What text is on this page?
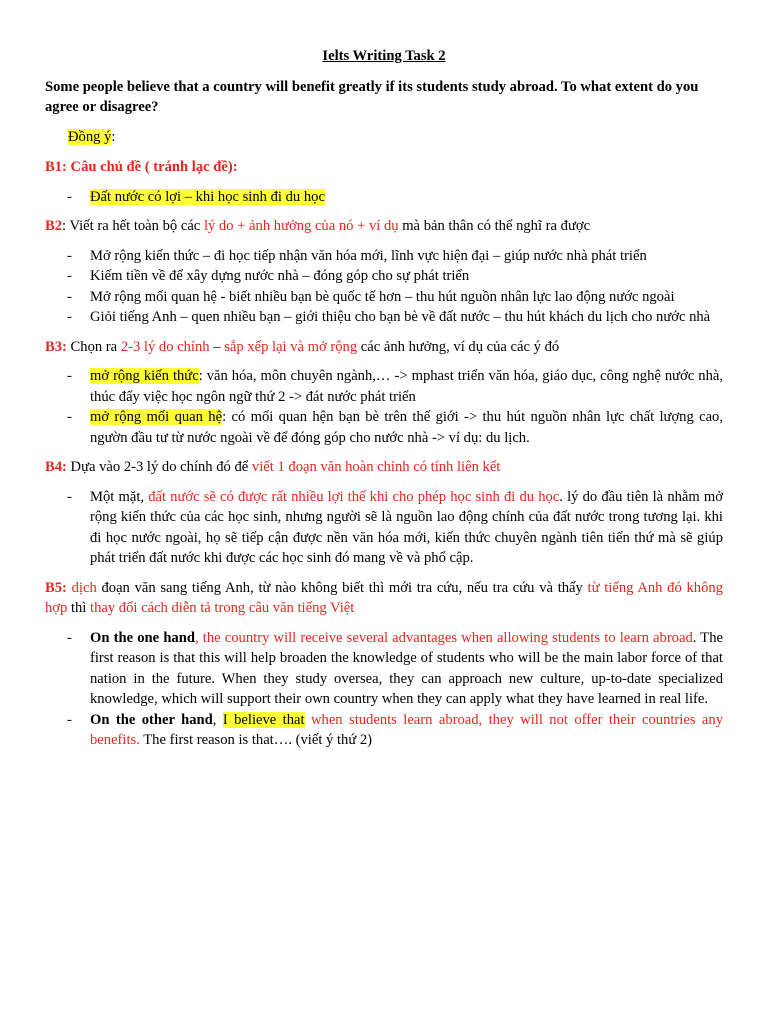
Ielts Writing Task 2

Some people believe that a country will benefit greatly if its students study abroad. To what extent do you agree or disagree?

Đồng ý:

B1: Câu chủ đề ( tránh lạc đề):

- Đất nước có lợi – khi học sinh đi du học

B2: Viết ra hết toàn bộ các lý do + ảnh hưởng của nó + ví dụ mà bản thân có thể nghĩ ra được

- Mở rộng kiến thức – đi học tiếp nhận văn hóa mới, lĩnh vực hiện đại – giúp nước nhà phát triển
- Kiếm tiền về để xây dựng nước nhà – đóng góp cho sự phát triển
- Mở rộng mối quan hệ - biết nhiều bạn bè quốc tế hơn – thu hút nguồn nhân lực lao động nước ngoài
- Giỏi tiếng Anh – quen nhiều bạn – giới thiệu cho bạn bè về đất nước – thu hút khách du lịch cho nước nhà

B3: Chọn ra 2-3 lý do chính – sắp xếp lại và mở rộng các ảnh hưởng, ví dụ của các ý đó

- mở rộng kiến thức: văn hóa, môn chuyên ngành,… -> mphast triển văn hóa, giáo dục, công nghệ nước nhà, thúc đẩy việc học ngôn ngữ thứ 2 -> đát nước phát triển
- mở rộng mối quan hệ: có mối quan hện bạn bè trên thế giới -> thu hút nguồn nhân lực chất lượng cao, ngườn đầu tư từ nước ngoài về để đóng góp cho nước nhà -> ví dụ: du lịch.

B4: Dựa vào 2-3 lý do chính đó để viết 1 đoạn văn hoàn chỉnh có tính liên kết

- Một mặt, đất nước sẽ có được rất nhiều lợi thế khi cho phép học sinh đi du học. lý do đầu tiên là nhằm mở rộng kiến thức của các học sinh, nhưng người sẽ là nguồn lao động chính của đất nước trong tương lại. khi đi học nước ngoài, họ sẽ tiếp cận được nền văn hóa mới, kiến thức chuyên ngành tiên tiến thứ mà sẽ giúp phát triển đất nước khi được các học sinh đó mang về và phổ cập.

B5: dịch đoạn văn sang tiếng Anh, từ nào không biết thì mới tra cứu, nếu tra cứu và thấy từ tiếng Anh đó không hợp thì thay đổi cách diễn tả trong câu văn tiếng Việt

- On the one hand, the country will receive several advantages when allowing students to learn abroad. The first reason is that this will help broaden the knowledge of students who will be the main labor force of that nation in the future. When they study oversea, they can approach new culture, up-to-date specialized knowledge, which will support their own country when they can apply what they have learned in real life.
- On the other hand, I believe that when students learn abroad, they will not offer their countries any benefits. The first reason is that…. (viết ý thứ 2)
